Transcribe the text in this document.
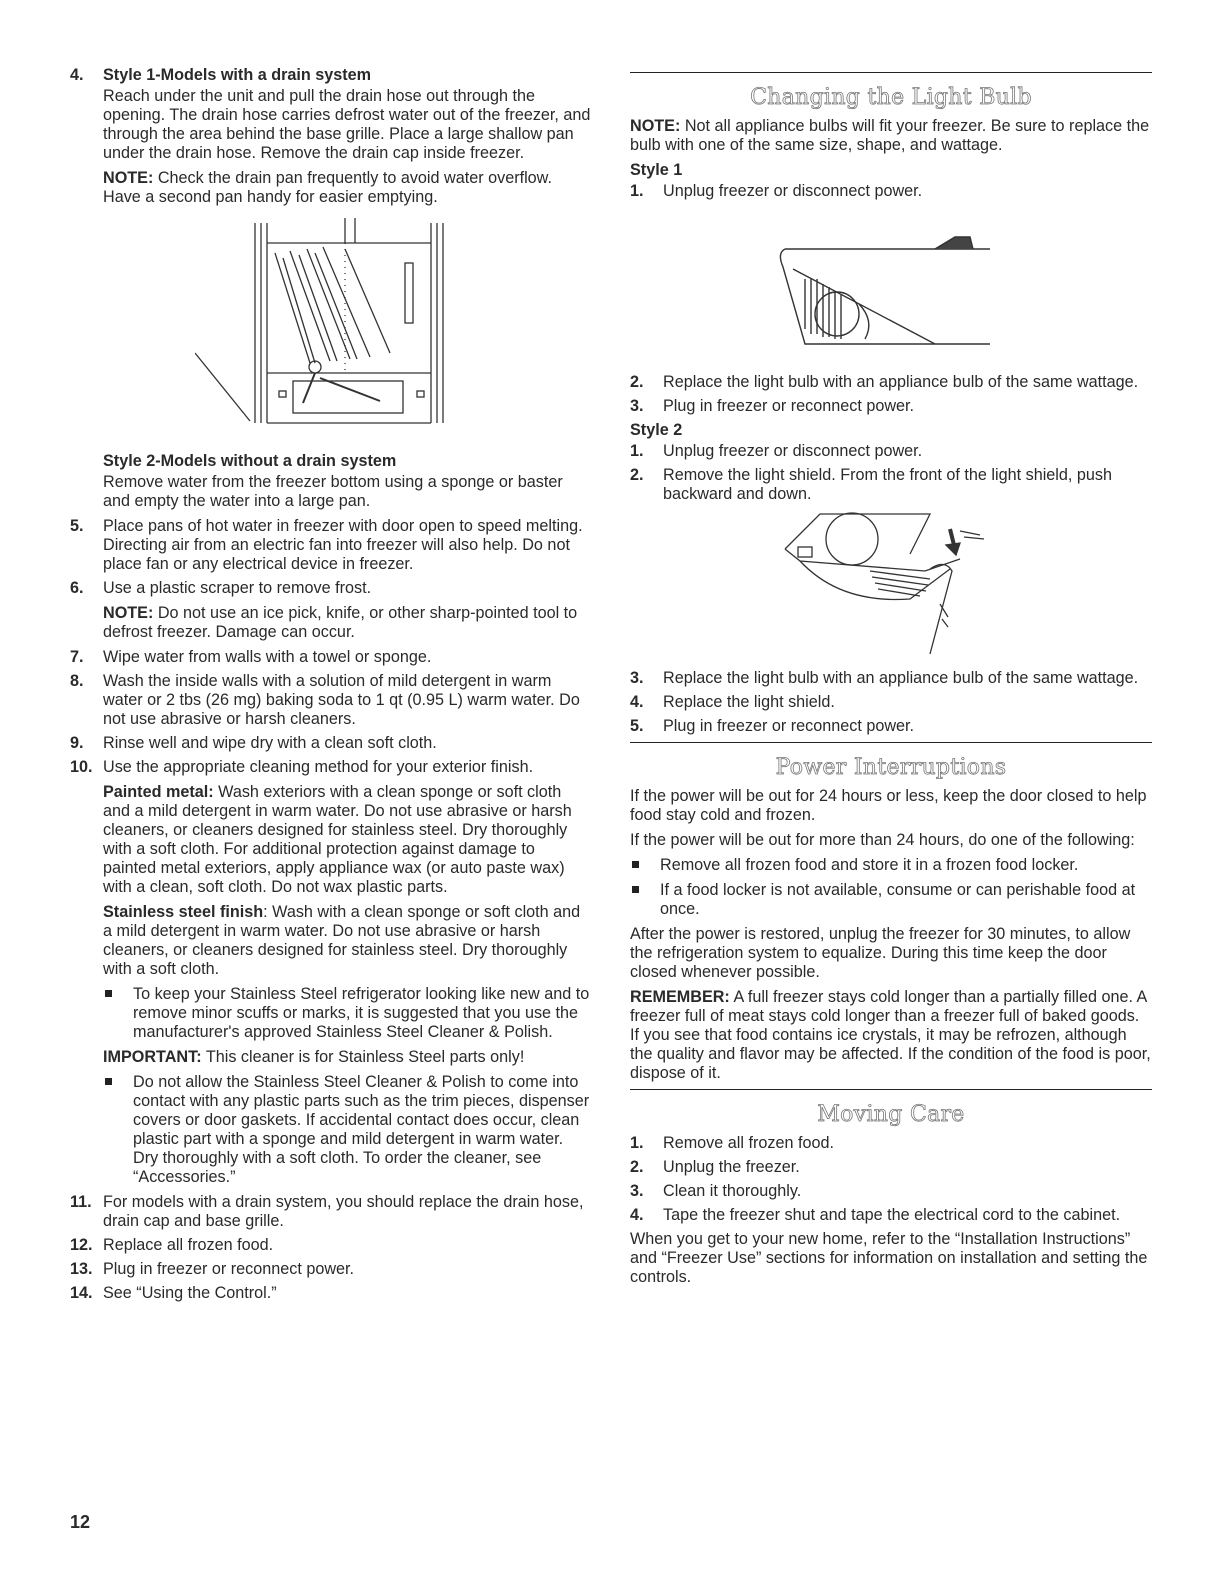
4. Style 1-Models with a drain system

Reach under the unit and pull the drain hose out through the opening. The drain hose carries defrost water out of the freezer, and through the area behind the base grille. Place a large shallow pan under the drain hose. Remove the drain cap inside freezer.

NOTE: Check the drain pan frequently to avoid water overflow. Have a second pan handy for easier emptying.

Style 2-Models without a drain system

Remove water from the freezer bottom using a sponge or baster and empty the water into a large pan.

5. Place pans of hot water in freezer with door open to speed melting. Directing air from an electric fan into freezer will also help. Do not place fan or any electrical device in freezer.
6. Use a plastic scraper to remove frost.

NOTE: Do not use an ice pick, knife, or other sharp-pointed tool to defrost freezer. Damage can occur.

7. Wipe water from walls with a towel or sponge.
8. Wash the inside walls with a solution of mild detergent in warm water or 2 tbs (26 mg) baking soda to 1 qt (0.95 L) warm water. Do not use abrasive or harsh cleaners.
9. Rinse well and wipe dry with a clean soft cloth.
10. Use the appropriate cleaning method for your exterior finish.

Painted metal: Wash exteriors with a clean sponge or soft cloth and a mild detergent in warm water. Do not use abrasive or harsh cleaners, or cleaners designed for stainless steel. Dry thoroughly with a soft cloth. For additional protection against damage to painted metal exteriors, apply appliance wax (or auto paste wax) with a clean, soft cloth. Do not wax plastic parts.

Stainless steel finish: Wash with a clean sponge or soft cloth and a mild detergent in warm water. Do not use abrasive or harsh cleaners, or cleaners designed for stainless steel. Dry thoroughly with a soft cloth.

To keep your Stainless Steel refrigerator looking like new and to remove minor scuffs or marks, it is suggested that you use the manufacturer's approved Stainless Steel Cleaner & Polish.

IMPORTANT: This cleaner is for Stainless Steel parts only!

Do not allow the Stainless Steel Cleaner & Polish to come into contact with any plastic parts such as the trim pieces, dispenser covers or door gaskets. If accidental contact does occur, clean plastic part with a sponge and mild detergent in warm water. Dry thoroughly with a soft cloth. To order the cleaner, see “Accessories.”
11. For models with a drain system, you should replace the drain hose, drain cap and base grille.
12. Replace all frozen food.
13. Plug in freezer or reconnect power.
14. See “Using the Control.”
Changing the Light Bulb

NOTE: Not all appliance bulbs will fit your freezer. Be sure to replace the bulb with one of the same size, shape, and wattage.

Style 1
1. Unplug freezer or disconnect power.
2. Replace the light bulb with an appliance bulb of the same wattage.
3. Plug in freezer or reconnect power.
Style 2
1. Unplug freezer or disconnect power.
2. Remove the light shield. From the front of the light shield, push backward and down.
3. Replace the light bulb with an appliance bulb of the same wattage.
4. Replace the light shield.
5. Plug in freezer or reconnect power.
Power Interruptions

If the power will be out for 24 hours or less, keep the door closed to help food stay cold and frozen.

If the power will be out for more than 24 hours, do one of the following:

Remove all frozen food and store it in a frozen food locker.
If a food locker is not available, consume or can perishable food at once.

After the power is restored, unplug the freezer for 30 minutes, to allow the refrigeration system to equalize. During this time keep the door closed whenever possible.

REMEMBER: A full freezer stays cold longer than a partially filled one. A freezer full of meat stays cold longer than a freezer full of baked goods. If you see that food contains ice crystals, it may be refrozen, although the quality and flavor may be affected. If the condition of the food is poor, dispose of it.

Moving Care
1. Remove all frozen food.
2. Unplug the freezer.
3. Clean it thoroughly.
4. Tape the freezer shut and tape the electrical cord to the cabinet.

When you get to your new home, refer to the “Installation Instructions” and “Freezer Use” sections for information on installation and setting the controls.

12
